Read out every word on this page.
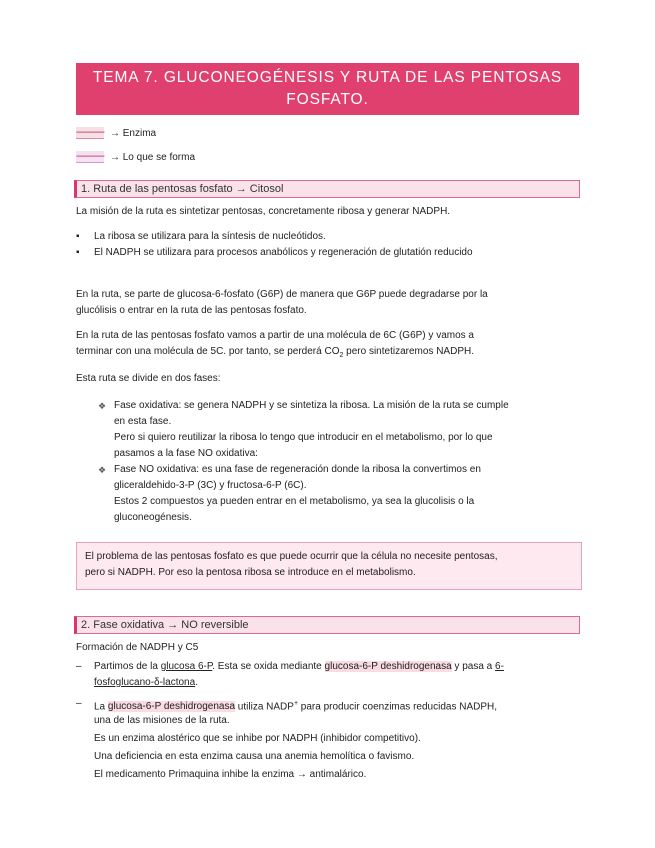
TEMA 7. GLUCONEOGÉNESIS Y RUTA DE LAS PENTOSAS
FOSFATO.
------------ → Enzima
------------ → Lo que se forma
1. Ruta de las pentosas fosfato → Citosol
La misión de la ruta es sintetizar pentosas, concretamente ribosa y generar NADPH.
▪	La ribosa se utilizara para la síntesis de nucleótidos.
▪	El NADPH se utilizara para procesos anabólicos y regeneración de glutatión reducido
En la ruta, se parte de glucosa-6-fosfato (G6P) de manera que G6P puede degradarse por la
glucólisis o entrar en la ruta de las pentosas fosfato.
En la ruta de las pentosas fosfato vamos a partir de una molécula de 6C (G6P) y vamos a
terminar con una molécula de 5C. por tanto, se perderá $CO_2$ pero sintetizaremos NADPH.
Esta ruta se divide en dos fases:
❖ Fase oxidativa: se genera NADPH y se sintetiza la ribosa. La misión de la ruta se cumple
en esta fase.
Pero si quiero reutilizar la ribosa lo tengo que introducir en el metabolismo, por lo que
pasamos a la fase NO oxidativa:
❖ Fase NO oxidativa: es una fase de regeneración donde la ribosa la convertimos en
gliceraldehido-3-P (3C) y fructosa-6-P (6C).
Estos 2 compuestos ya pueden entrar en el metabolismo, ya sea la glucolisis o la
gluconeogénesis.
El problema de las pentosas fosfato es que puede ocurrir que la célula no necesite pentosas,
pero si NADPH. Por eso la pentosa ribosa se introduce en el metabolismo.
2. Fase oxidativa → NO reversible
Formación de NADPH y C5
–	Partimos de la glucosa 6-P. Esta se oxida mediante glucosa-6-P deshidrogenasa y pasa a 6-
fosfoglucano-δ-lactona.
–	La glucosa-6-P deshidrogenasa utiliza NADP+ para producir coenzimas reducidas NADPH,
una de las misiones de la ruta.
Es un enzima alostérico que se inhibe por NADPH (inhibidor competitivo).
Una deficiencia en esta enzima causa una anemia hemolítica o favismo.
El medicamento Primaquina inhibe la enzima → antimalárico.
